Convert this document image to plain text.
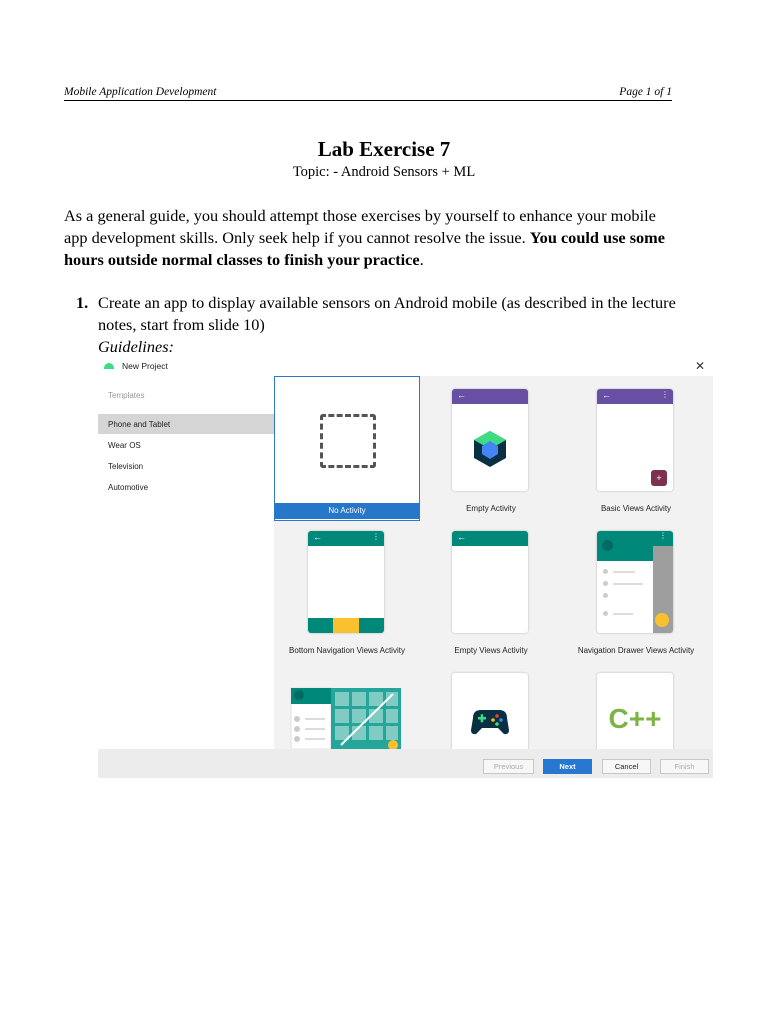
Mobile Application Development	Page 1 of 1
Lab Exercise 7
Topic: - Android Sensors + ML
As a general guide, you should attempt those exercises by yourself to enhance your mobile app development skills. Only seek help if you cannot resolve the issue. You could use some hours outside normal classes to finish your practice.
1. Create an app to display available sensors on Android mobile (as described in the lecture notes, start from slide 10)
Guidelines:
New Project	✕
Templates
Phone and Tablet
Wear OS
Television
Automotive
No Activity
←
Empty Activity
←	⋮
+
Basic Views Activity
←	⋮
Bottom Navigation Views Activity
←
Empty Views Activity
⋮
Navigation Drawer Views Activity
C++
Previous	Next	Cancel	Finish
